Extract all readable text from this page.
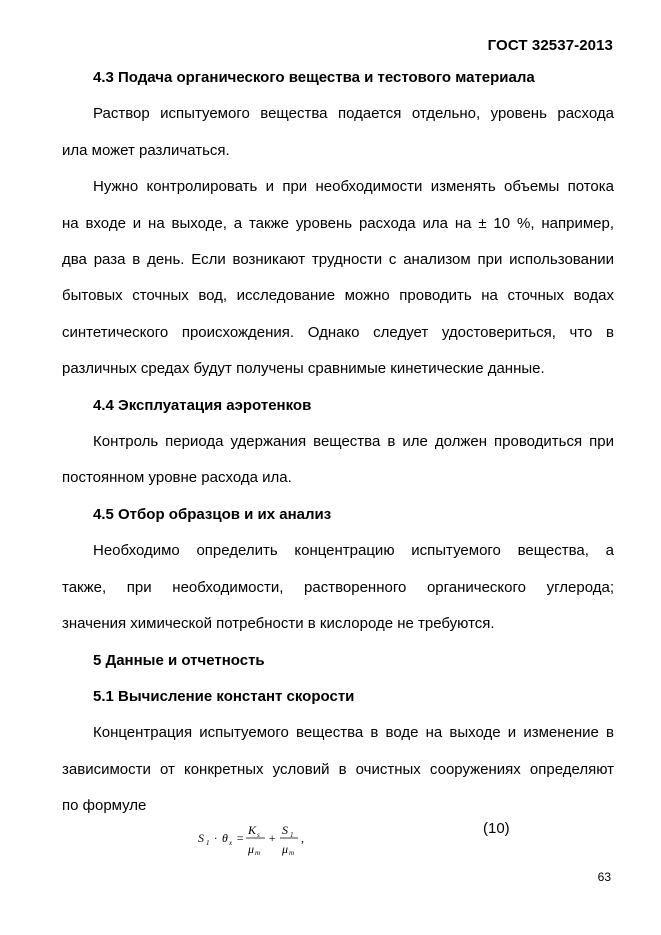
ГОСТ 32537-2013

4.3 Подача органического вещества и тестового материала

Раствор испытуемого вещества подается отдельно, уровень расхода

ила может различаться.

Нужно контролировать и при необходимости изменять объемы потока

на входе и на выходе, а также уровень расхода ила на ± 10 %, например,

два раза в день. Если возникают трудности с анализом при использовании

бытовых сточных вод, исследование можно проводить на сточных водах

синтетического происхождения. Однако следует удостовериться, что в

различных средах будут получены сравнимые кинетические данные.

4.4 Эксплуатация аэротенков

Контроль периода удержания вещества в иле должен проводиться при

постоянном уровне расхода ила.

4.5 Отбор образцов и их анализ

Необходимо определить концентрацию испытуемого вещества, а

также, при необходимости, растворенного органического углерода;

значения химической потребности в кислороде не требуются.

5 Данные и отчетность

5.1 Вычисление констант скорости

Концентрация испытуемого вещества в воде на выходе и изменение в

зависимости от конкретных условий в очистных сооружениях определяют

по формуле

S 1 · θ x =
K s
μ m
+
S 1
μ m
,
(10)
63
